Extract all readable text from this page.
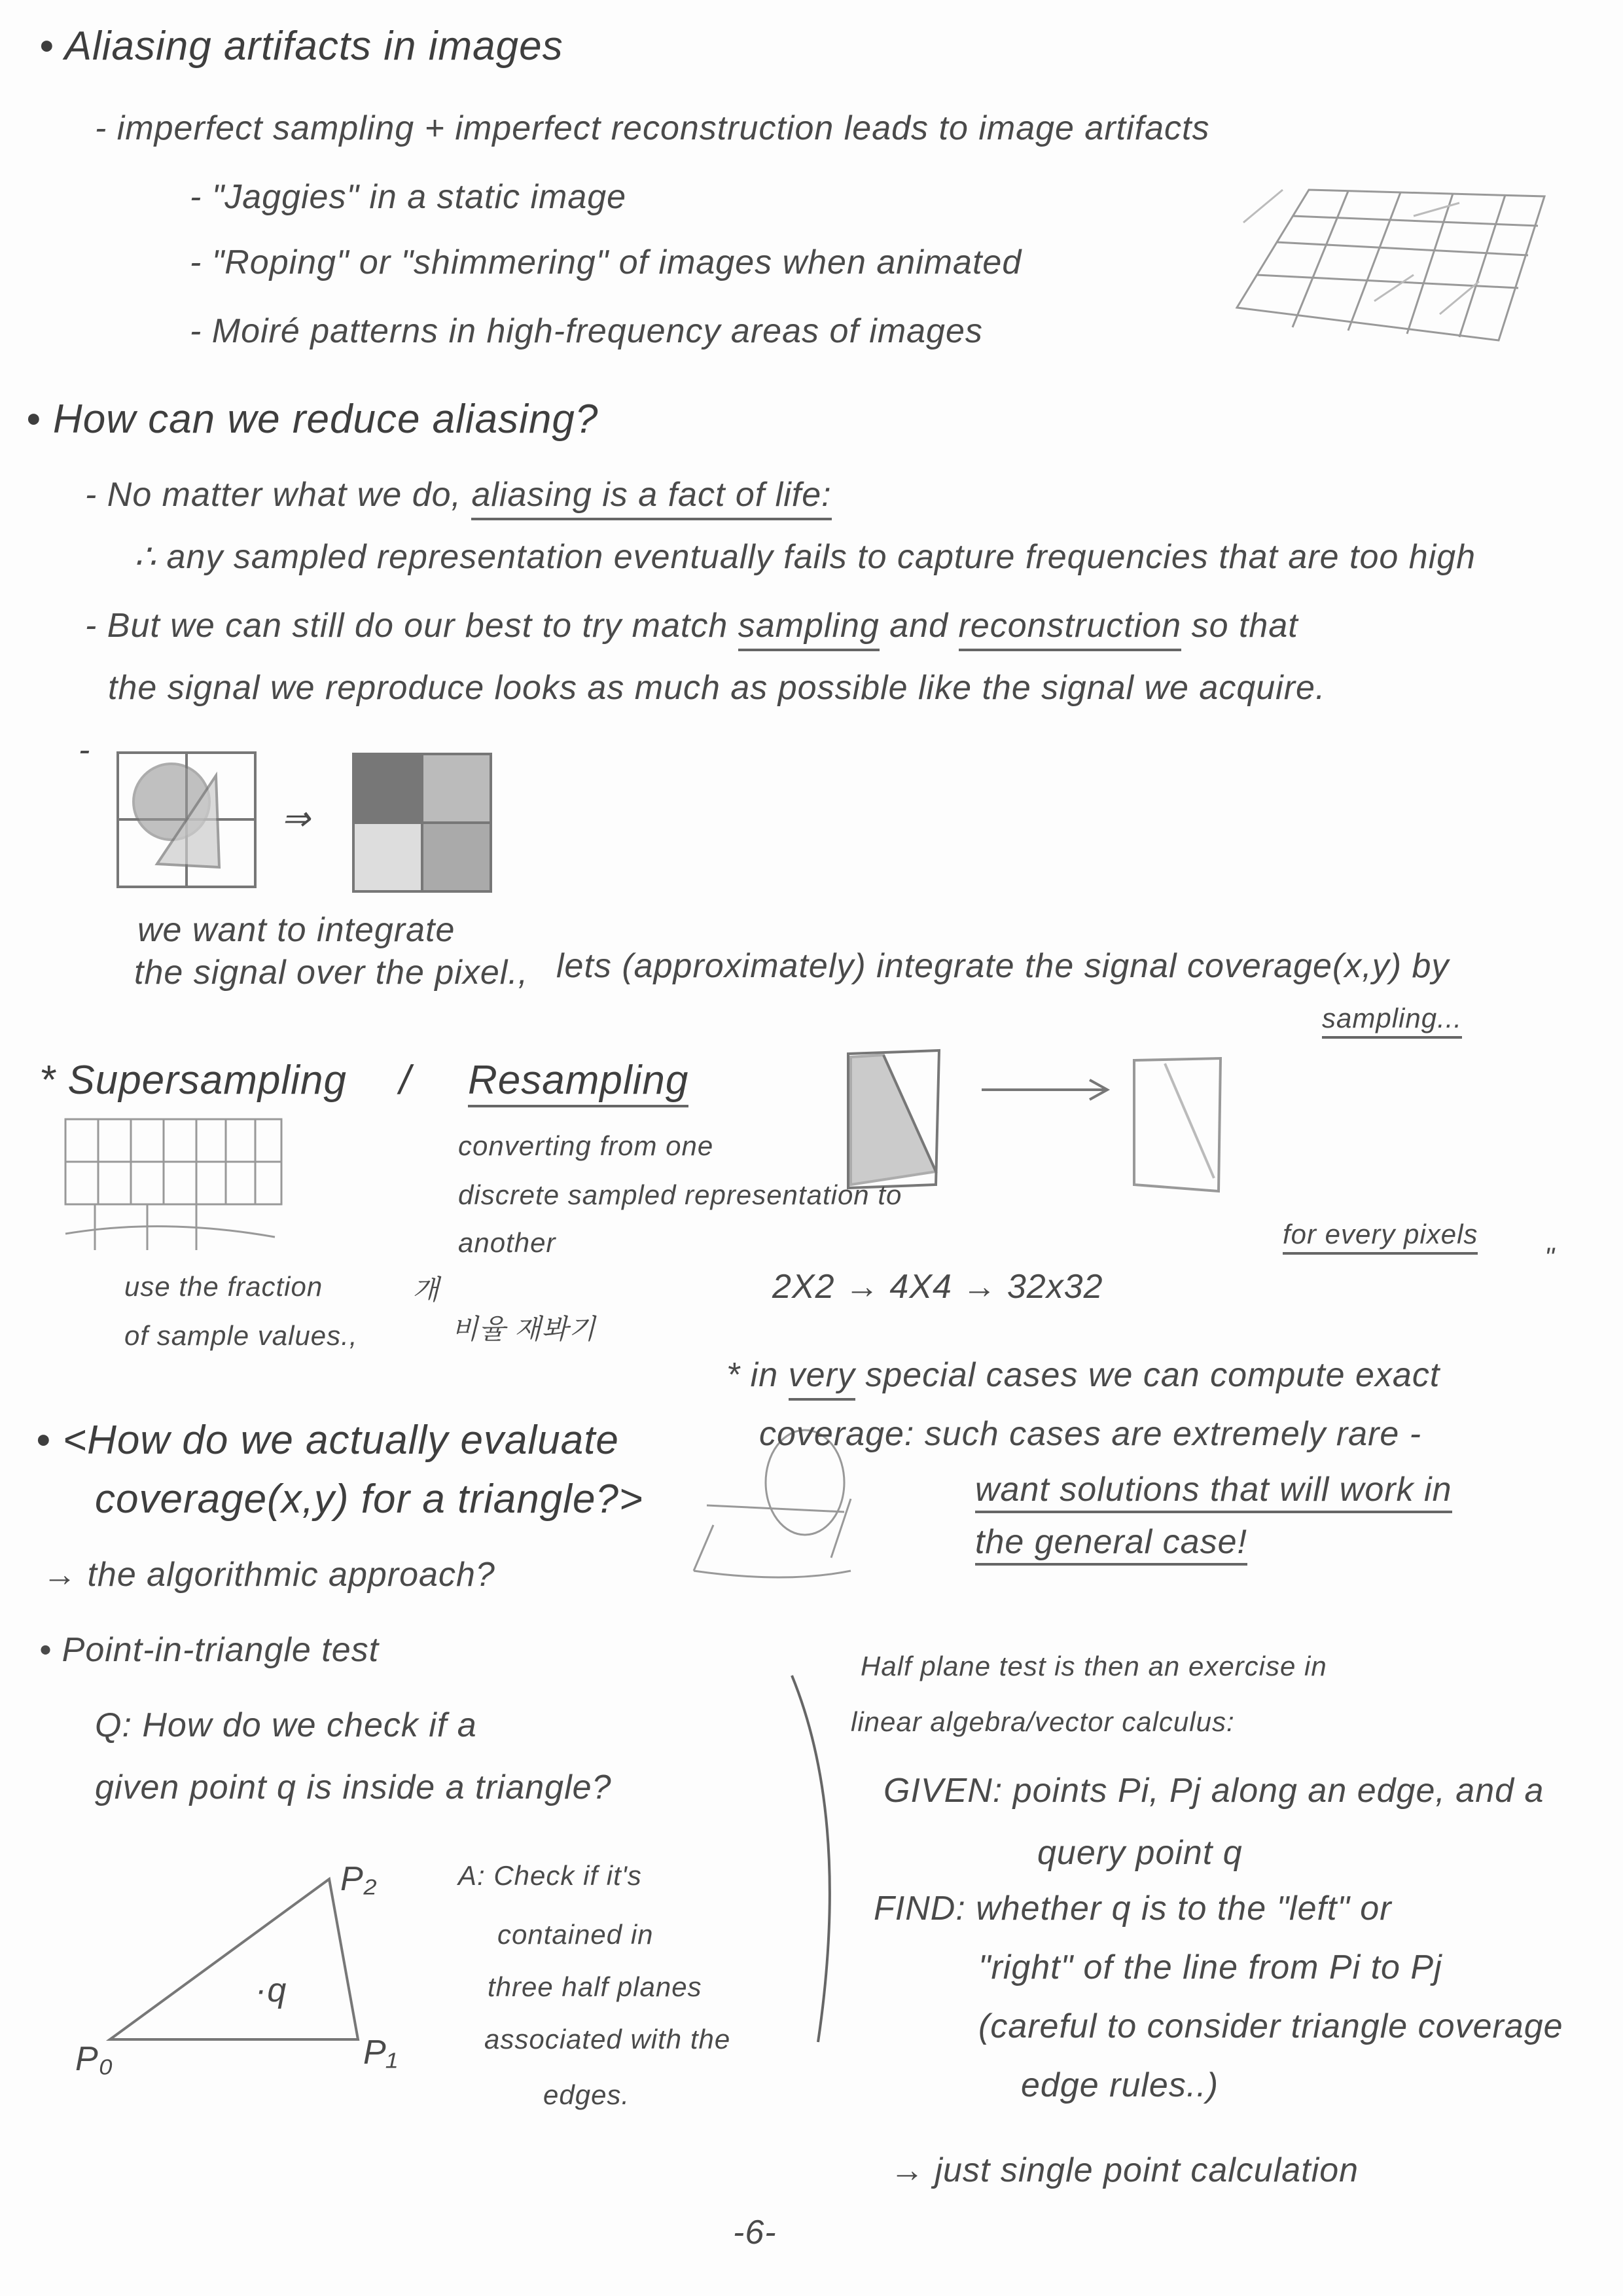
• Aliasing artifacts in images
- imperfect sampling + imperfect reconstruction leads to image artifacts
- "Jaggies" in a static image
- "Roping" or "shimmering" of images when animated
- Moiré patterns in high-frequency areas of images
• How can we reduce aliasing?
- No matter what we do, aliasing is a fact of life:
∴ any sampled representation eventually fails to capture frequencies that are too high
- But we can still do our best to try match sampling and reconstruction so that
the signal we reproduce looks as much as possible like the signal we acquire.
-
⇒
we want to integrate
the signal over the pixel., lets (approximately) integrate the signal coverage(x,y) by
sampling...
* Supersampling / Resampling
converting from one
discrete sampled representation to
another	for every pixels
"
2X2 → 4X4 → 32x32
use the fraction
of sample values.,
개
비율 재봐기
* in very special cases we can compute exact
coverage: such cases are extremely rare -
want solutions that will work in
the general case!
• <How do we actually evaluate
coverage(x,y) for a triangle?>
→ the algorithmic approach?
• Point-in-triangle test
Q: How do we check if a
given point q is inside a triangle?
P₂
P₀	P₁
·q
A: Check if it's
contained in
three half planes
associated with the
edges.
Half plane test is then an exercise in
linear algebra/vector calculus:
GIVEN: points Pi, Pj along an edge, and a
query point q
FIND: whether q is to the "left" or
"right" of the line from Pi to Pj
(careful to consider triangle coverage
edge rules..)
→ just single point calculation
-6-
